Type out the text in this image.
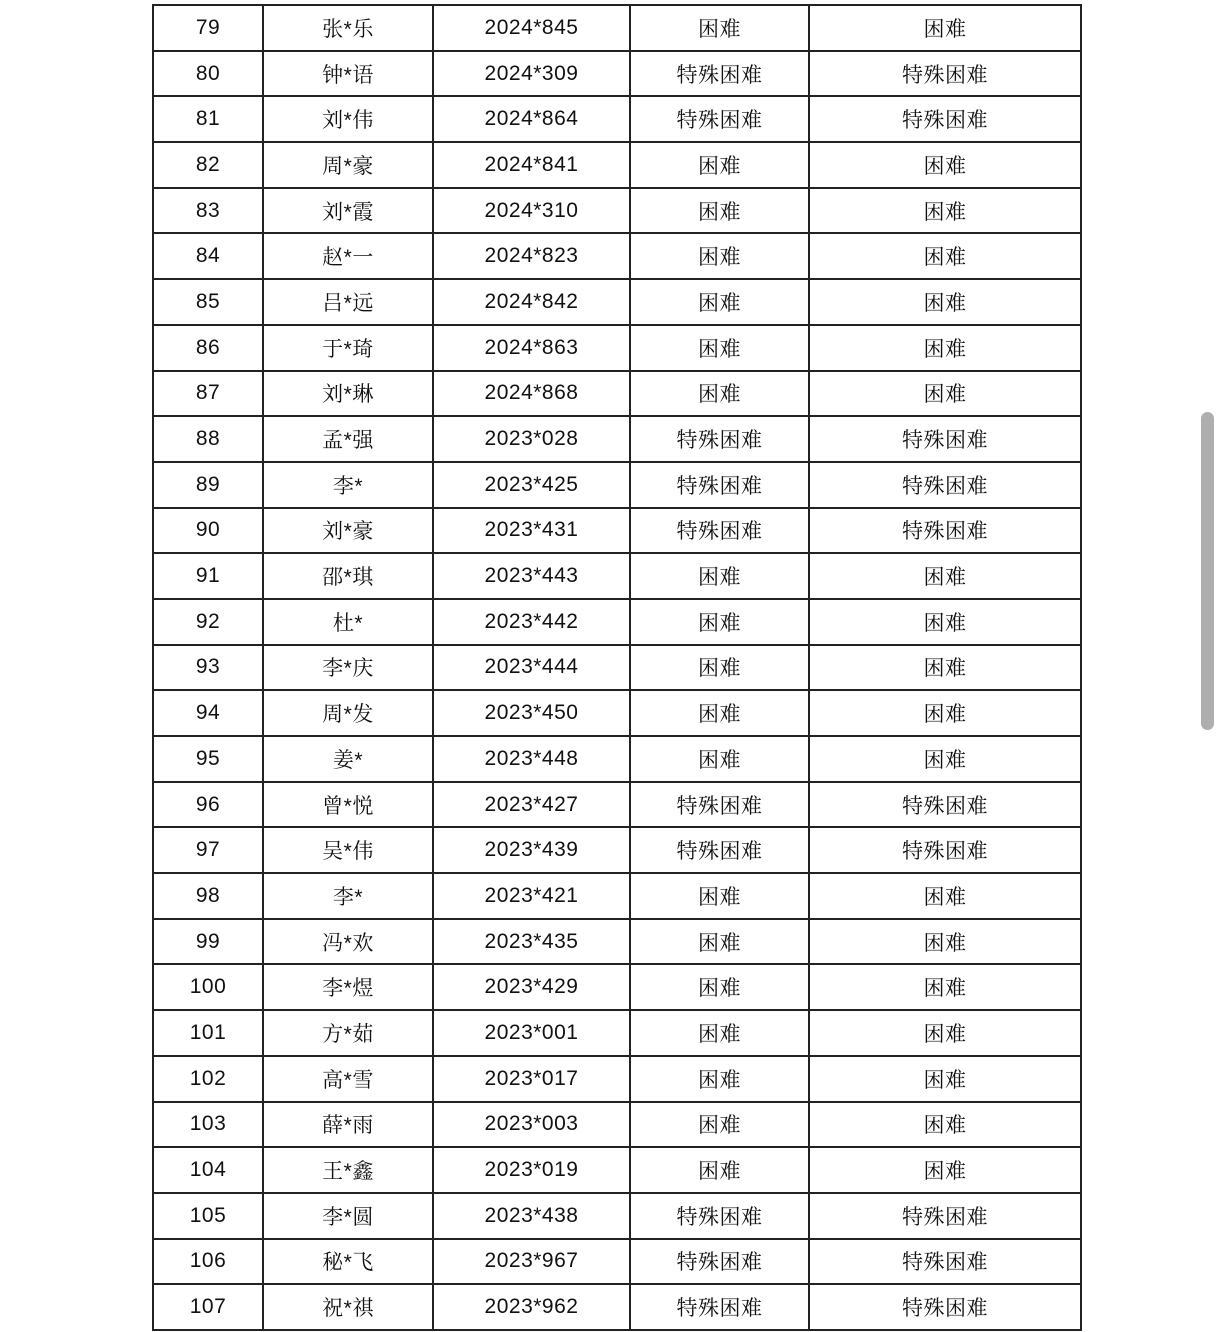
79	张*乐	2024*845	困难	困难
80	钟*语	2024*309	特殊困难	特殊困难
81	刘*伟	2024*864	特殊困难	特殊困难
82	周*豪	2024*841	困难	困难
83	刘*霞	2024*310	困难	困难
84	赵*一	2024*823	困难	困难
85	吕*远	2024*842	困难	困难
86	于*琦	2024*863	困难	困难
87	刘*琳	2024*868	困难	困难
88	孟*强	2023*028	特殊困难	特殊困难
89	李*	2023*425	特殊困难	特殊困难
90	刘*豪	2023*431	特殊困难	特殊困难
91	邵*琪	2023*443	困难	困难
92	杜*	2023*442	困难	困难
93	李*庆	2023*444	困难	困难
94	周*发	2023*450	困难	困难
95	姜*	2023*448	困难	困难
96	曾*悦	2023*427	特殊困难	特殊困难
97	吴*伟	2023*439	特殊困难	特殊困难
98	李*	2023*421	困难	困难
99	冯*欢	2023*435	困难	困难
100	李*煜	2023*429	困难	困难
101	方*茹	2023*001	困难	困难
102	高*雪	2023*017	困难	困难
103	薛*雨	2023*003	困难	困难
104	王*鑫	2023*019	困难	困难
105	李*圆	2023*438	特殊困难	特殊困难
106	秘*飞	2023*967	特殊困难	特殊困难
107	祝*祺	2023*962	特殊困难	特殊困难
